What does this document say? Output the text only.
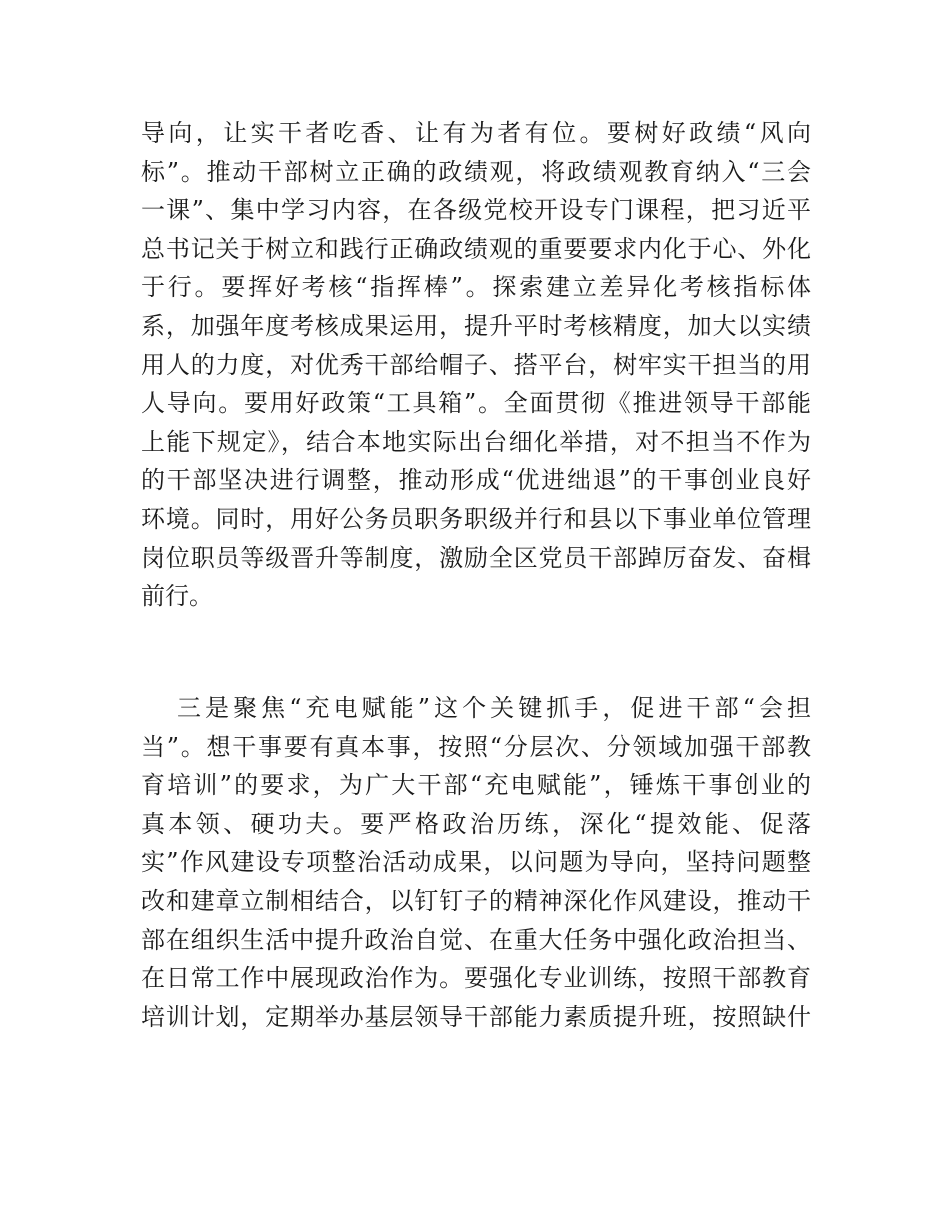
导向，让实干者吃香、让有为者有位。要树好政绩“风向
标”。推动干部树立正确的政绩观，将政绩观教育纳入“三会
一课”、集中学习内容，在各级党校开设专门课程，把习近平
总书记关于树立和践行正确政绩观的重要要求内化于心、外化
于行。要挥好考核“指挥棒”。探索建立差异化考核指标体
系，加强年度考核成果运用，提升平时考核精度，加大以实绩
用人的力度，对优秀干部给帽子、搭平台，树牢实干担当的用
人导向。要用好政策“工具箱”。全面贯彻《推进领导干部能
上能下规定》，结合本地实际出台细化举措，对不担当不作为
的干部坚决进行调整，推动形成“优进绌退”的干事创业良好
环境。同时，用好公务员职务职级并行和县以下事业单位管理
岗位职员等级晋升等制度，激励全区党员干部踔厉奋发、奋楫
前行。
三是聚焦“充电赋能”这个关键抓手，促进干部“会担
当”。想干事要有真本事，按照“分层次、分领域加强干部教
育培训”的要求，为广大干部“充电赋能”，锤炼干事创业的
真本领、硬功夫。要严格政治历练，深化“提效能、促落
实”作风建设专项整治活动成果，以问题为导向，坚持问题整
改和建章立制相结合，以钉钉子的精神深化作风建设，推动干
部在组织生活中提升政治自觉、在重大任务中强化政治担当、
在日常工作中展现政治作为。要强化专业训练，按照干部教育
培训计划，定期举办基层领导干部能力素质提升班，按照缺什
